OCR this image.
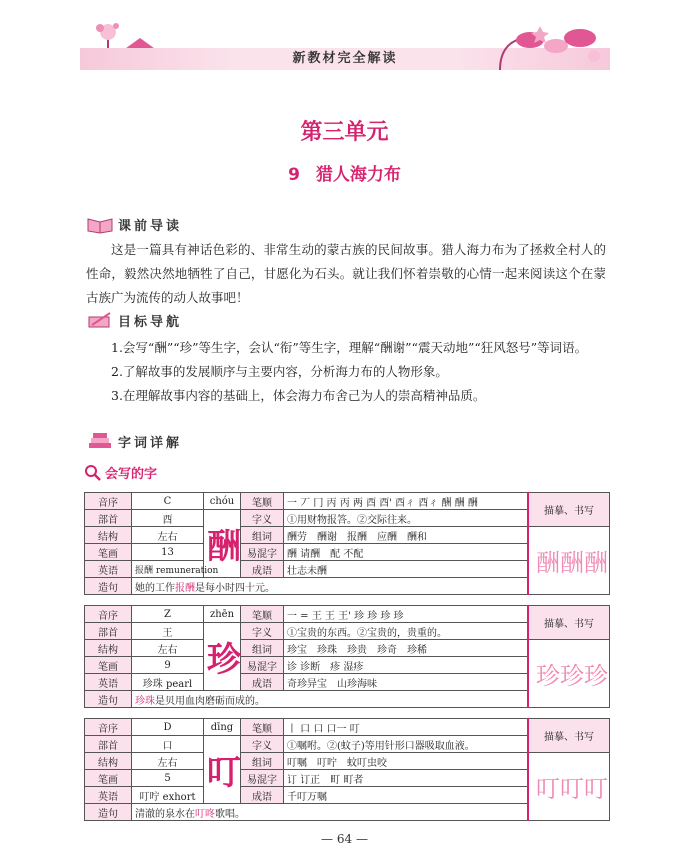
新教材完全解读
第三单元
9 猎人海力布
课前导读
这是一篇具有神话色彩的、非常生动的蒙古族的民间故事。猎人海力布为了拯救全村人的性命，毅然决然地牺牲了自己，甘愿化为石头。就让我们怀着崇敬的心情一起来阅读这个在蒙古族广为流传的动人故事吧！
目标导航
1.会写“酬”“珍”等生字，会认“衔”等生字，理解“酬谢”“震天动地”“狂风怒号”等词语。
2.了解故事的发展顺序与主要内容，分析海力布的人物形象。
3.在理解故事内容的基础上，体会海力布舍己为人的崇高精神品质。
字词详解
会写的字
音序	C	chóu	笔顺	一 丆 冂 丙 丙 两 酉 酉' 酉ㄔ 酉ㄔ 酬 酬 酬	描摹、书写
部首	酉	酬	字义	①用财物报答。②交际往来。	
结构	左右		组词	酬劳　酬谢　报酬　应酬　酬和	酬 酬 酬

笔画	13		易混字	酬 请酬　配 不配	
英语	报酬 remuneration		成语	壮志未酬	
造句	她的工作报酬是每小时四十元。				
音序	Z	zhēn	笔顺	一 = 王 王 王' 珍 珍 珍 珍	描摹、书写
部首	王	珍	字义	①宝贵的东西。②宝贵的，贵重的。	
结构	左右		组词	珍宝　珍珠　珍贵　珍奇　珍稀	珍 珍 珍

笔画	9		易混字	诊 诊断　疹 湿疹	
英语	珍珠 pearl		成语	奇珍异宝　山珍海味	
造句	珍珠是贝用血肉磨砺而成的。				
音序	D	dīng	笔顺	丨 口 口 口一 叮	描摹、书写
部首	口	叮	字义	①嘱咐。②(蚊子)等用针形口器吸取血液。	
结构	左右		组词	叮嘱　叮咛　蚊叮虫咬	叮 叮 叮

笔画	5		易混字	订 订正　町 町者	
英语	叮咛 exhort		成语	千叮万嘱	
造句	清澈的泉水在叮咚歌唱。				
— 64 —
